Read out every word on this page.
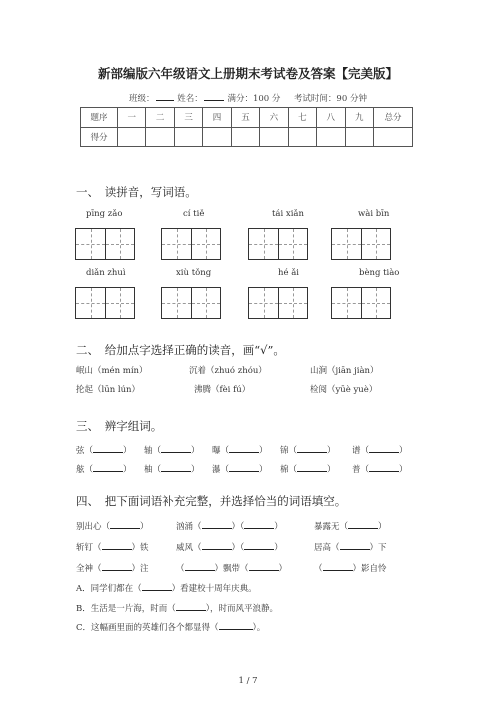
新部编版六年级语文上册期末考试卷及答案【完美版】
班级：	姓名：	满分：100 分 考试时间：90 分钟
题序	一	二	三	四	五	六	七	八	九	总分
得分										
一、　读拼音，写词语。
pīng zǎo	cí tiě	tái xiǎn	wài bīn
diǎn zhuì	xiù tǒng	hé ǎi	bèng tiào
二、　给加点字选择正确的读音，画“√”。
岷山（mén mín）	沉着（zhuó zhóu）	山涧（jiān jiàn）
抡起（lūn lún）	沸腾（fèi fú）	检阅（yūè yuè）
三、　辨字组词。
弦（	） 轴（	） 曝（	） 锦（	） 谱（	）
舷（	） 柚（	） 瀑（	） 棉（	） 普（	）
四、　把下面词语补充完整，并选择恰当的词语填空。
别出心（	）	汹涌（	）（	）	暴露无（	）
斩钉（	）铁	威风（	）（	）	居高（	）下
全神（	）注	（	）飘带（	）	（	）影自怜
A．同学们都在（	）看建校十周年庆典。
B．生活是一片海，时而（	），时而风平浪静。
C．这幅画里面的英雄们各个都显得（	）。
1 / 7
